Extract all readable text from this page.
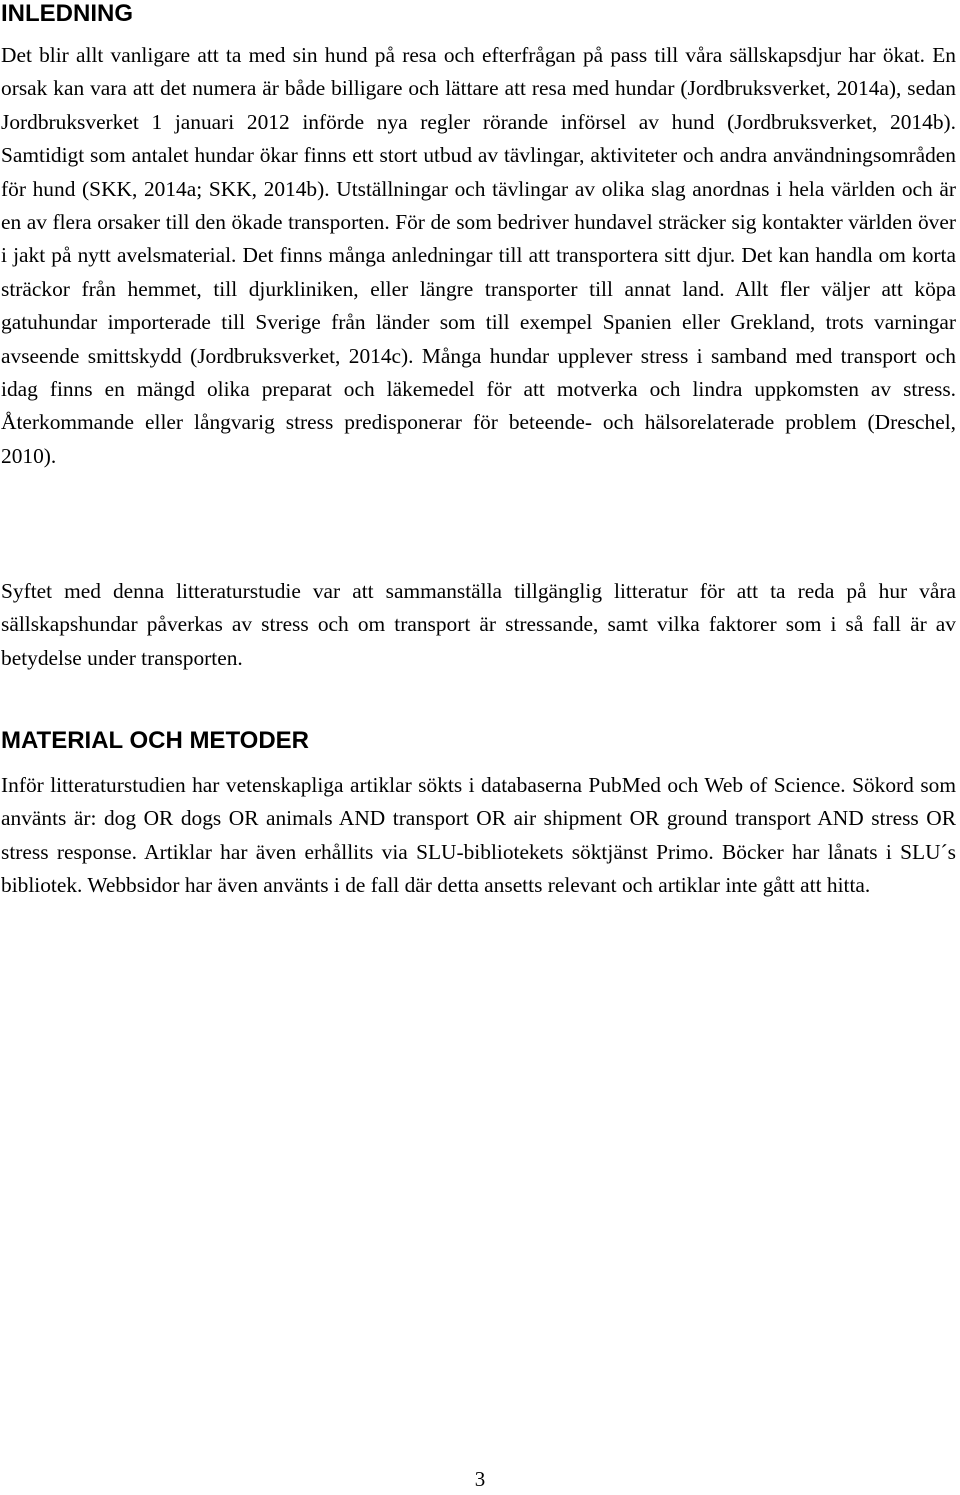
INLEDNING

Det blir allt vanligare att ta med sin hund på resa och efterfrågan på pass till våra sällskapsdjur har ökat. En orsak kan vara att det numera är både billigare och lättare att resa med hundar (Jordbruksverket, 2014a), sedan Jordbruksverket 1 januari 2012 införde nya regler rörande införsel av hund (Jordbruksverket, 2014b). Samtidigt som antalet hundar ökar finns ett stort utbud av tävlingar, aktiviteter och andra användningsområden för hund (SKK, 2014a; SKK, 2014b). Utställningar och tävlingar av olika slag anordnas i hela världen och är en av flera orsaker till den ökade transporten. För de som bedriver hundavel sträcker sig kontakter världen över i jakt på nytt avelsmaterial. Det finns många anledningar till att transportera sitt djur. Det kan handla om korta sträckor från hemmet, till djurkliniken, eller längre transporter till annat land. Allt fler väljer att köpa gatuhundar importerade till Sverige från länder som till exempel Spanien eller Grekland, trots varningar avseende smittskydd (Jordbruksverket, 2014c). Många hundar upplever stress i samband med transport och idag finns en mängd olika preparat och läkemedel för att motverka och lindra uppkomsten av stress. Återkommande eller långvarig stress predisponerar för beteende- och hälsorelaterade problem (Dreschel, 2010).

Syftet med denna litteraturstudie var att sammanställa tillgänglig litteratur för att ta reda på hur våra sällskapshundar påverkas av stress och om transport är stressande, samt vilka faktorer som i så fall är av betydelse under transporten.

MATERIAL OCH METODER

Inför litteraturstudien har vetenskapliga artiklar sökts i databaserna PubMed och Web of Science. Sökord som använts är: dog OR dogs OR animals AND transport OR air shipment OR ground transport AND stress OR stress response. Artiklar har även erhållits via SLU-bibliotekets söktjänst Primo. Böcker har lånats i SLU´s bibliotek. Webbsidor har även använts i de fall där detta ansetts relevant och artiklar inte gått att hitta.

3
